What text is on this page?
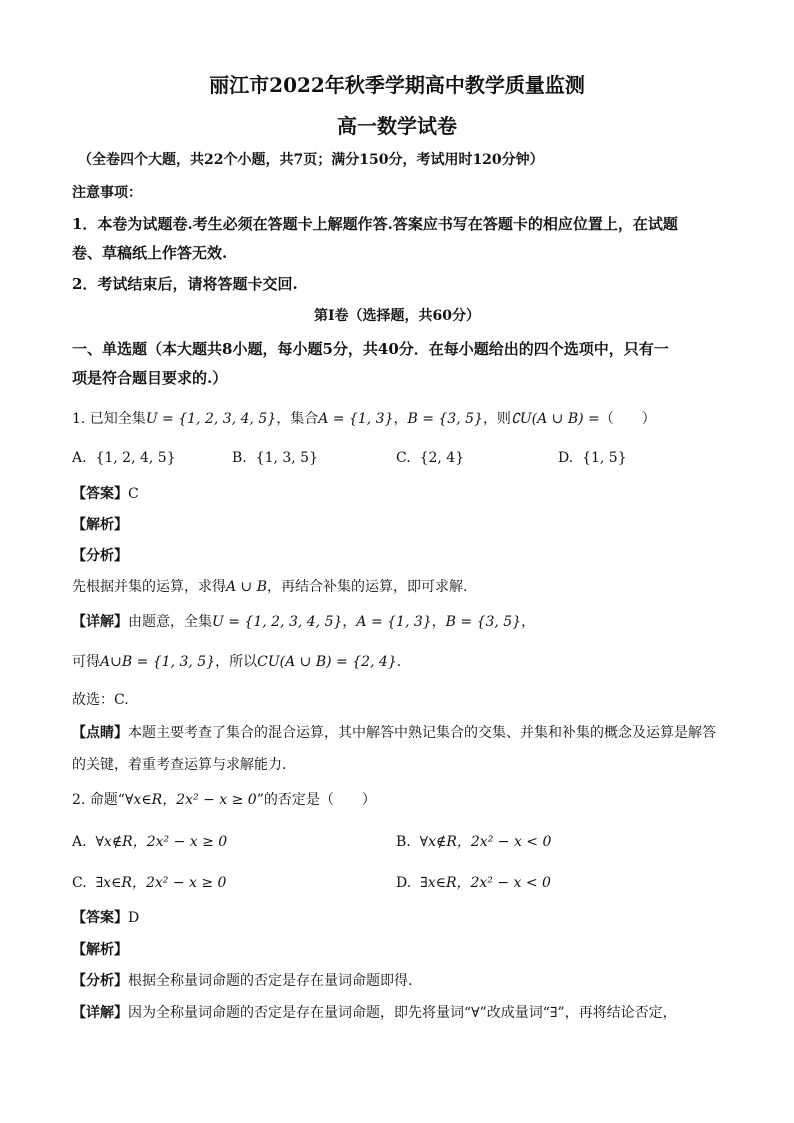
丽江市2022年秋季学期高中教学质量监测
高一数学试卷
（全卷四个大题，共22个小题，共7页；满分150分，考试用时120分钟）
注意事项：
1．本卷为试题卷.考生必须在答题卡上解题作答.答案应书写在答题卡的相应位置上，在试题
卷、草稿纸上作答无效.
2．考试结束后，请将答题卡交回.
第Ⅰ卷（选择题，共60分）
一、单选题（本大题共8小题，每小题5分，共40分．在每小题给出的四个选项中，只有一
项是符合题目要求的.）
1. 已知全集U = {1, 2, 3, 4, 5}，集合A = {1, 3}，B = {3, 5}，则∁U(A ∪ B) =（　　）
A. {1, 2, 4, 5}	B. {1, 3, 5}	C. {2, 4}	D. {1, 5}
【答案】C
【解析】
【分析】
先根据并集的运算，求得A ∪ B，再结合补集的运算，即可求解.
【详解】由题意，全集U = {1, 2, 3, 4, 5}，A = {1, 3}，B = {3, 5}，
可得A∪B = {1, 3, 5}，所以CU(A ∪ B) = {2, 4}.
故选：C.
【点睛】本题主要考查了集合的混合运算，其中解答中熟记集合的交集、并集和补集的概念及运算是解答
的关键，着重考查运算与求解能力.
2. 命题“∀x∈R，2x² − x ≥ 0”的否定是（　　）
A. ∀x∉R，2x² − x ≥ 0	B. ∀x∉R，2x² − x < 0
C. ∃x∈R，2x² − x ≥ 0	D. ∃x∈R，2x² − x < 0
【答案】D
【解析】
【分析】根据全称量词命题的否定是存在量词命题即得.
【详解】因为全称量词命题的否定是存在量词命题，即先将量词“∀”改成量词“∃”，再将结论否定，
